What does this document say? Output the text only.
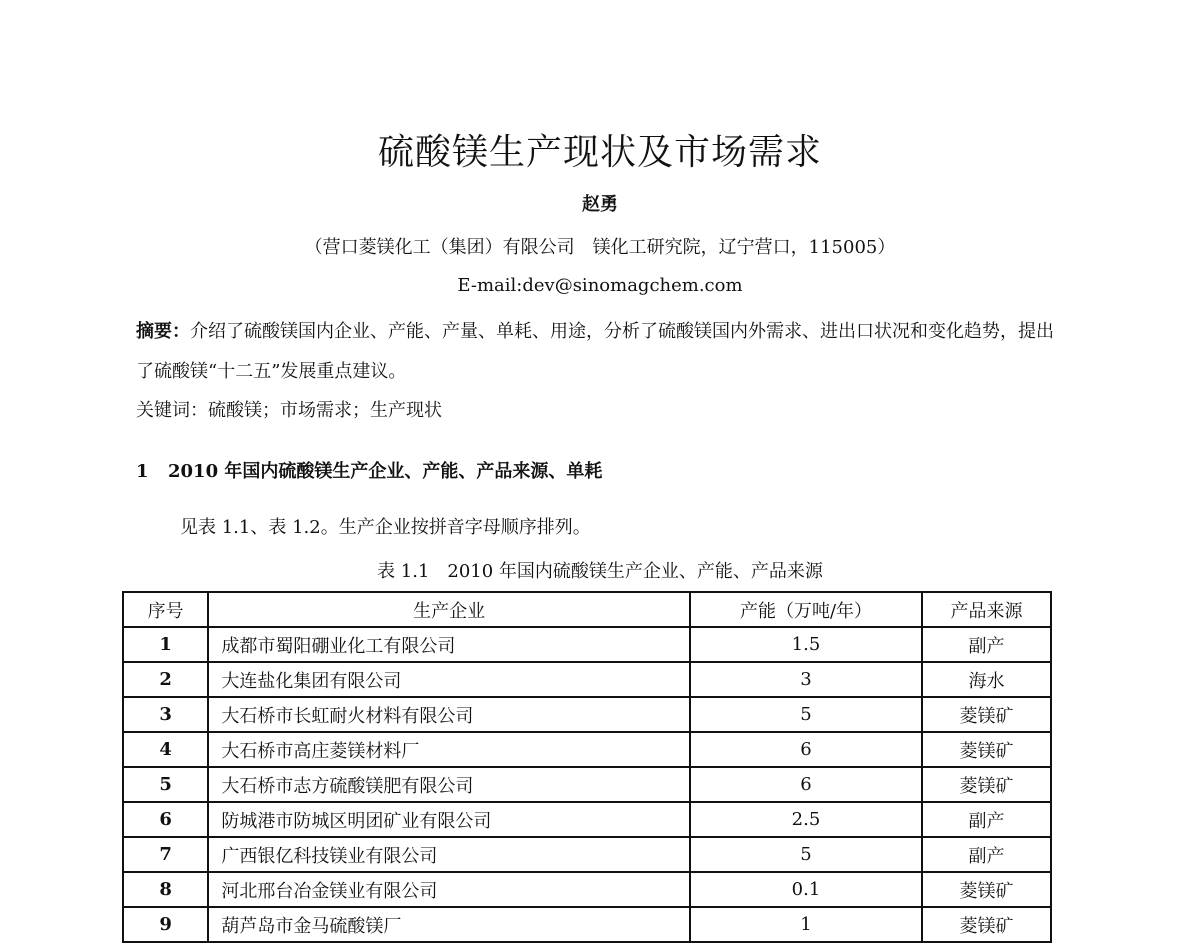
硫酸镁生产现状及市场需求
赵勇
（营口菱镁化工（集团）有限公司　镁化工研究院，辽宁营口，115005）
E-mail:dev@sinomagchem.com
摘要：介绍了硫酸镁国内企业、产能、产量、单耗、用途，分析了硫酸镁国内外需求、进出口状况和变化趋势，提出了硫酸镁“十二五”发展重点建议。
关键词：硫酸镁；市场需求；生产现状
1 2010 年国内硫酸镁生产企业、产能、产品来源、单耗
见表 1.1、表 1.2。生产企业按拼音字母顺序排列。
表 1.1　2010 年国内硫酸镁生产企业、产能、产品来源
序号	生产企业	产能（万吨/年）	产品来源
1	成都市蜀阳硼业化工有限公司	1.5	副产
2	大连盐化集团有限公司	3	海水
3	大石桥市长虹耐火材料有限公司	5	菱镁矿
4	大石桥市高庄菱镁材料厂	6	菱镁矿
5	大石桥市志方硫酸镁肥有限公司	6	菱镁矿
6	防城港市防城区明团矿业有限公司	2.5	副产
7	广西银亿科技镁业有限公司	5	副产
8	河北邢台冶金镁业有限公司	0.1	菱镁矿
9	葫芦岛市金马硫酸镁厂	1	菱镁矿
